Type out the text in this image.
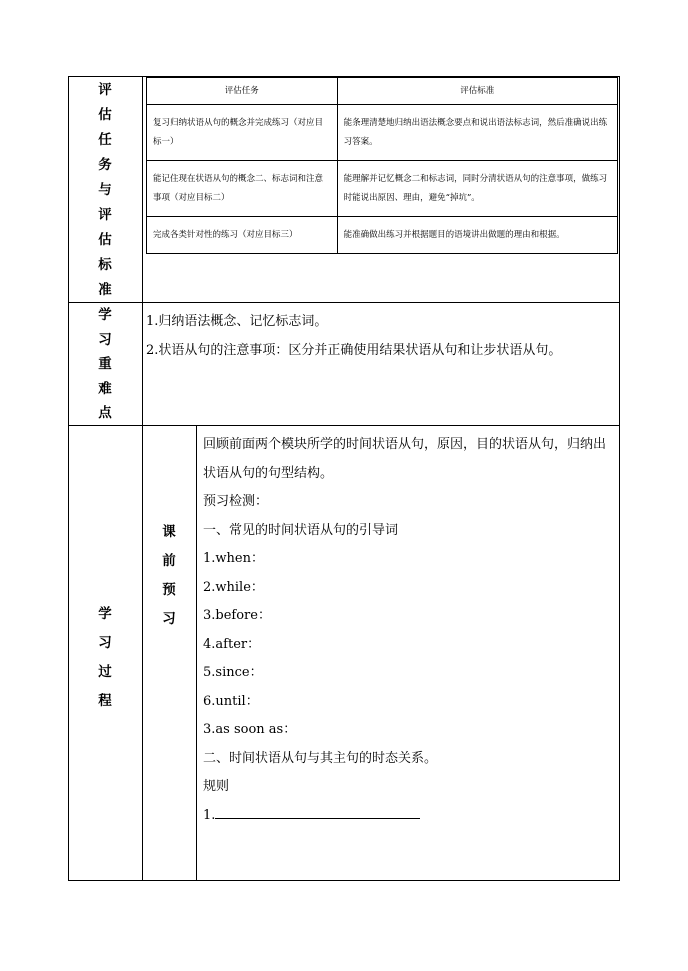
评
估
任
务
与
评
估
标
准
评估任务	评估标准
复习归纳状语从句的概念并完成练习（对应目标一）	能条理清楚地归纳出语法概念要点和说出语法标志词，然后准确说出练习答案。
能记住现在状语从句的概念二、标志词和注意事项（对应目标二）	能理解并记忆概念二和标志词，同时分清状语从句的注意事项，做练习时能说出原因、理由，避免“掉坑”。
完成各类针对性的练习（对应目标三）	能准确做出练习并根据题目的语境讲出做题的理由和根据。
学
习
重
难
点
1.归纳语法概念、记忆标志词。
2.状语从句的注意事项：区分并正确使用结果状语从句和让步状语从句。
学
习
过
程
课
前
预
习
回顾前面两个模块所学的时间状语从句，原因，目的状语从句，归纳出状语从句的句型结构。
预习检测：
一、常见的时间状语从句的引导词
1.when：
2.while：
3.before：
4.after：
5.since：
6.until：
3.as soon as：
二、时间状语从句与其主句的时态关系。
规则
1.
